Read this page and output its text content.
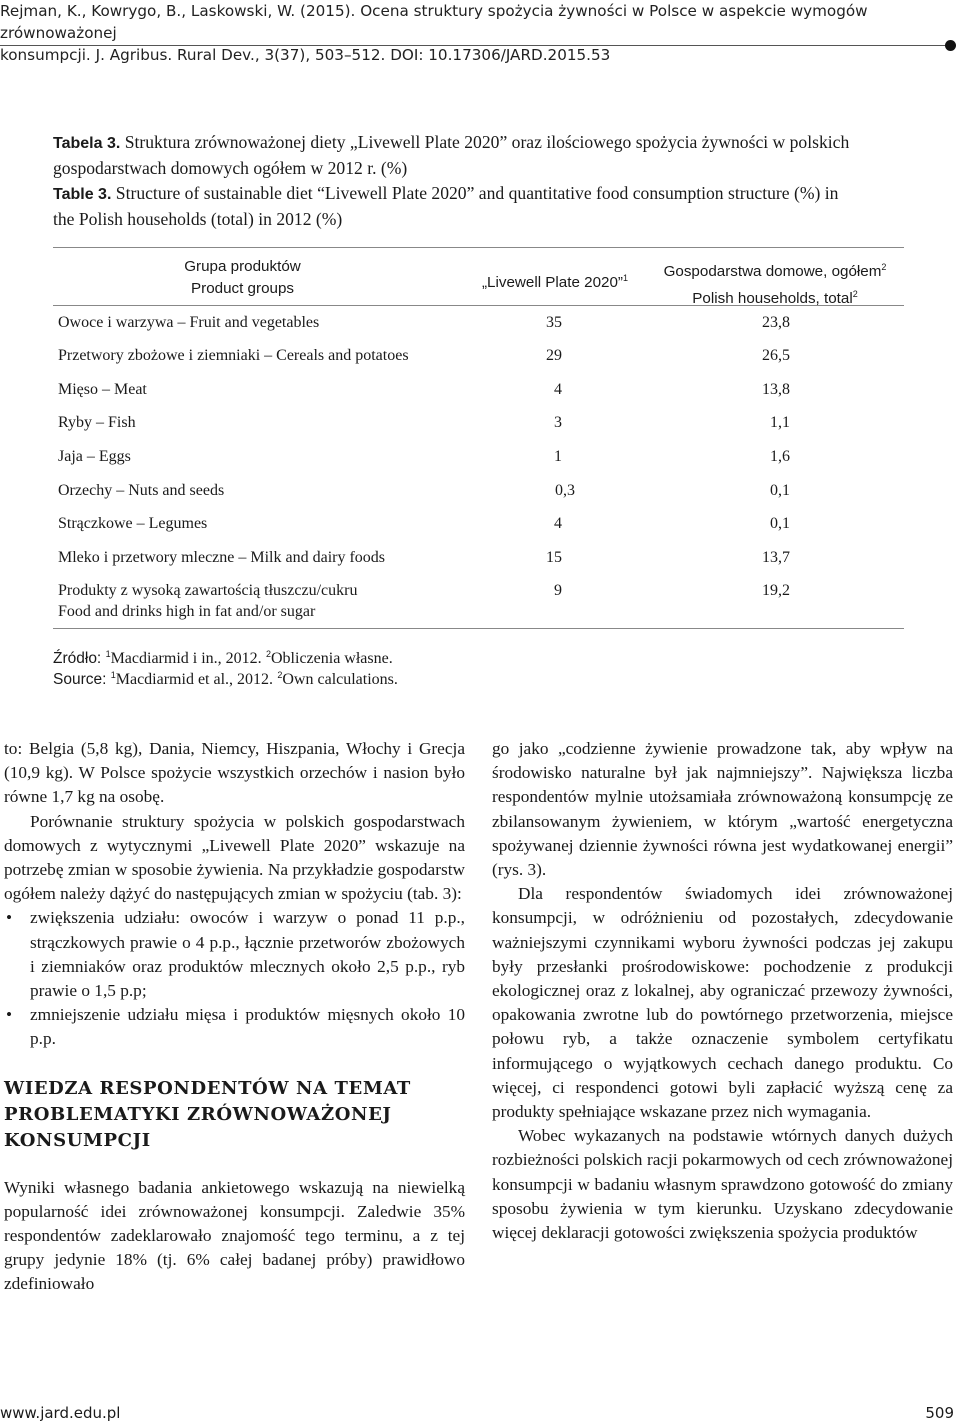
Rejman, K., Kowrygo, B., Laskowski, W. (2015). Ocena struktury spożycia żywności w Polsce w aspekcie wymogów zrównoważonej
konsumpcji. J. Agribus. Rural Dev., 3(37), 503–512. DOI: 10.17306/JARD.2015.53
Tabela 3. Struktura zrównoważonej diety „Livewell Plate 2020” oraz ilościowego spożycia żywności w polskich
gospodarstwach domowych ogółem w 2012 r. (%)
Table 3. Structure of sustainable diet “Livewell Plate 2020” and quantitative food consumption structure (%) in
the Polish households (total) in 2012 (%)
Grupa produktów
Product groups	„Livewell Plate 2020”$^1$	Gospodarstwa domowe, ogółem$^2$
Polish households, total$^2$
Owoce i warzywa – Fruit and vegetables	35	23,8
Przetwory zbożowe i ziemniaki – Cereals and potatoes	29	26,5
Mięso – Meat	4	13,8
Ryby – Fish	3	1,1
Jaja – Eggs	1	1,6
Orzechy – Nuts and seeds	0,3	0,1
Strączkowe – Legumes	4	0,1
Mleko i przetwory mleczne – Milk and dairy foods	15	13,7
Produkty z wysoką zawartością tłuszczu/cukru
Food and drinks high in fat and/or sugar
9	19,2
Źródło: $^1$Macdiarmid i in., 2012. $^2$Obliczenia własne.
Source: $^1$Macdiarmid et al., 2012. $^2$Own calculations.

to: Belgia (5,8 kg), Dania, Niemcy, Hiszpania, Włochy i Grecja (10,9 kg). W Polsce spożycie wszystkich orzechów i nasion było równe 1,7 kg na osobę.

Porównanie struktury spożycia w polskich gospodarstwach domowych z wytycznymi „Livewell Plate 2020” wskazuje na potrzebę zmian w sposobie żywienia. Na przykładzie gospodarstw ogółem należy dążyć do następujących zmian w spożyciu (tab. 3):

• zwiększenia udziału: owoców i warzyw o ponad 11 p.p., strączkowych prawie o 4 p.p., łącznie przetworów zbożowych i ziemniaków oraz produktów mlecznych około 2,5 p.p., ryb prawie o 1,5 p.p;
• zmniejszenie udziału mięsa i produktów mięsnych około 10 p.p.
WIEDZA RESPONDENTÓW NA TEMAT
PROBLEMATYKI ZRÓWNOWAŻONEJ
KONSUMPCJI

Wyniki własnego badania ankietowego wskazują na niewielką popularność idei zrównoważonej konsumpcji. Zaledwie 35% respondentów zadeklarowało znajomość tego terminu, a z tej grupy jedynie 18% (tj. 6% całej badanej próby) prawidłowo zdefiniowało

go jako „codzienne żywienie prowadzone tak, aby wpływ na środowisko naturalne był jak najmniejszy”. Największa liczba respondentów mylnie utożsamiała zrównoważoną konsumpcję ze zbilansowanym żywieniem, w którym „wartość energetyczna spożywanej dziennie żywności równa jest wydatkowanej energii” (rys. 3).

Dla respondentów świadomych idei zrównoważonej konsumpcji, w odróżnieniu od pozostałych, zdecydowanie ważniejszymi czynnikami wyboru żywności podczas jej zakupu były przesłanki prośrodowiskowe: pochodzenie z produkcji ekologicznej oraz z lokalnej, aby ograniczać przewozy żywności, opakowania zwrotne lub do powtórnego przetworzenia, miejsce połowu ryb, a także oznaczenie symbolem certyfikatu informującego o wyjątkowych cechach danego produktu. Co więcej, ci respondenci gotowi byli zapłacić wyższą cenę za produkty spełniające wskazane przez nich wymagania.

Wobec wykazanych na podstawie wtórnych danych dużych rozbieżności polskich racji pokarmowych od cech zrównoważonej konsumpcji w badaniu własnym sprawdzono gotowość do zmiany sposobu żywienia w tym kierunku. Uzyskano zdecydowanie więcej deklaracji gotowości zwiększenia spożycia produktów

www.jard.edu.pl	509
